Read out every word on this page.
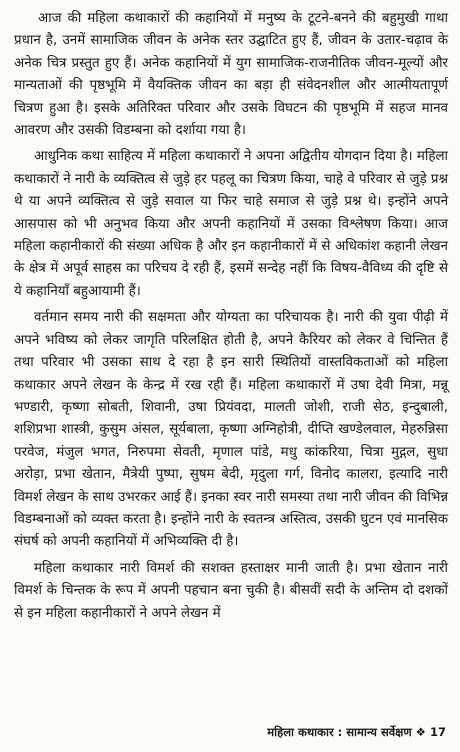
आज की महिला कथाकारों की कहानियों में मनुष्य के टूटने-बनने की बहुमुखी गाथा प्रधान है, उनमें सामाजिक जीवन के अनेक स्तर उद्घाटित हुए हैं, जीवन के उतार-चढ़ाव के अनेक चित्र प्रस्तुत हुए हैं। अनेक कहानियों में युग सामाजिक-राजनीतिक जीवन-मूल्यों और मान्यताओं की पृष्ठभूमि में वैयक्तिक जीवन का बड़ा ही संवेदनशील और आत्मीयतापूर्ण चित्रण हुआ है। इसके अतिरिक्त परिवार और उसके विघटन की पृष्ठभूमि में सहज मानव आवरण और उसकी विडम्बना को दर्शाया गया है।

आधुनिक कथा साहित्य में महिला कथाकारों ने अपना अद्वितीय योगदान दिया है। महिला कथाकारों ने नारी के व्यक्तित्व से जुड़े हर पहलू का चित्रण किया, चाहे वे परिवार से जुड़े प्रश्न थे या अपने व्यक्तित्व से जुड़े सवाल या फिर चाहे समाज से जुड़े प्रश्न थे। इन्होंने अपने आसपास को भी अनुभव किया और अपनी कहानियों में उसका विश्लेषण किया। आज महिला कहानीकारों की संख्या अधिक है और इन कहानीकारों में से अधिकांश कहानी लेखन के क्षेत्र में अपूर्व साहस का परिचय दे रही हैं, इसमें सन्देह नहीं कि विषय-वैविध्य की दृष्टि से ये कहानियाँ बहुआयामी हैं।

वर्तमान समय नारी की सक्षमता और योग्यता का परिचायक है। नारी की युवा पीढ़ी में अपने भविष्य को लेकर जागृति परिलक्षित होती है, अपने कैरियर को लेकर वे चिन्तित हैं तथा परिवार भी उसका साथ दे रहा है इन सारी स्थितियों वास्तविकताओं को महिला कथाकार अपने लेखन के केन्द्र में रख रही हैं। महिला कथाकारों में उषा देवी मित्रा, मन्नू भण्डारी, कृष्णा सोबती, शिवानी, उषा प्रियंवदा, मालती जोशी, राजी सेठ, इन्दुबाली, शशिप्रभा शास्त्री, कुसुम अंसल, सूर्यबाला, कृष्णा अग्निहोत्री, दीप्ति खण्डेलवाल, मेहरुन्निसा परवेज, मंजुल भगत, निरुपमा सेवती, मृणाल पांडे, मधु कांकरिया, चित्रा मुद्गल, सुधा अरोड़ा, प्रभा खेतान, मैत्रेयी पुष्पा, सुषम बेदी, मृदुला गर्ग, विनोद कालरा, इत्यादि नारी विमर्श लेखन के साथ उभरकर आई हैं। इनका स्वर नारी समस्या तथा नारी जीवन की विभिन्न विडम्बनाओं को व्यक्त करता है। इन्होंने नारी के स्वतन्त्र अस्तित्व, उसकी घुटन एवं मानसिक संघर्ष को अपनी कहानियों में अभिव्यक्ति दी है।

महिला कथाकार नारी विमर्श की सशक्त हस्ताक्षर मानी जाती है। प्रभा खेतान नारी विमर्श के चिन्तक के रूप में अपनी पहचान बना चुकी है। बीसवीं सदी के अन्तिम दो दशकों से इन महिला कहानीकारों ने अपने लेखन में

महिला कथाकार : सामान्य सर्वेक्षण ❖ 17
